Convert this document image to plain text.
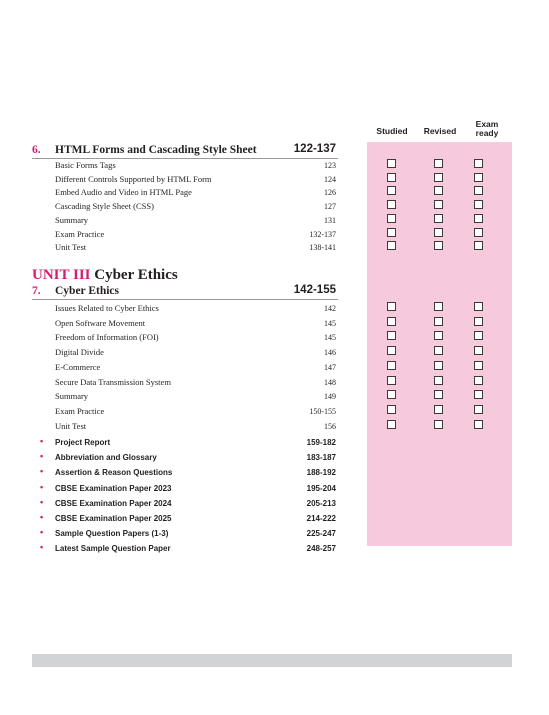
Studied	Revised
Exam
ready
6. HTML Forms and Cascading Style Sheet	122-137
Basic Forms Tags	123
Different Controls Supported by HTML Form	124
Embed Audio and Video in HTML Page	126
Cascading Style Sheet (CSS)	127
Summary	131
Exam Practice	132-137
Unit Test	138-141
UNIT III Cyber Ethics
7. Cyber Ethics	142-155
Issues Related to Cyber Ethics	142
Open Software Movement	145
Freedom of Information (FOI)	145
Digital Divide	146
E-Commerce	147
Secure Data Transmission System	148
Summary	149
Exam Practice	150-155
Unit Test	156
• Project Report	159-182
• Abbreviation and Glossary	183-187
• Assertion & Reason Questions	188-192
• CBSE Examination Paper 2023	195-204
• CBSE Examination Paper 2024	205-213
• CBSE Examination Paper 2025	214-222
• Sample Question Papers (1-3)	225-247
• Latest Sample Question Paper	248-257
